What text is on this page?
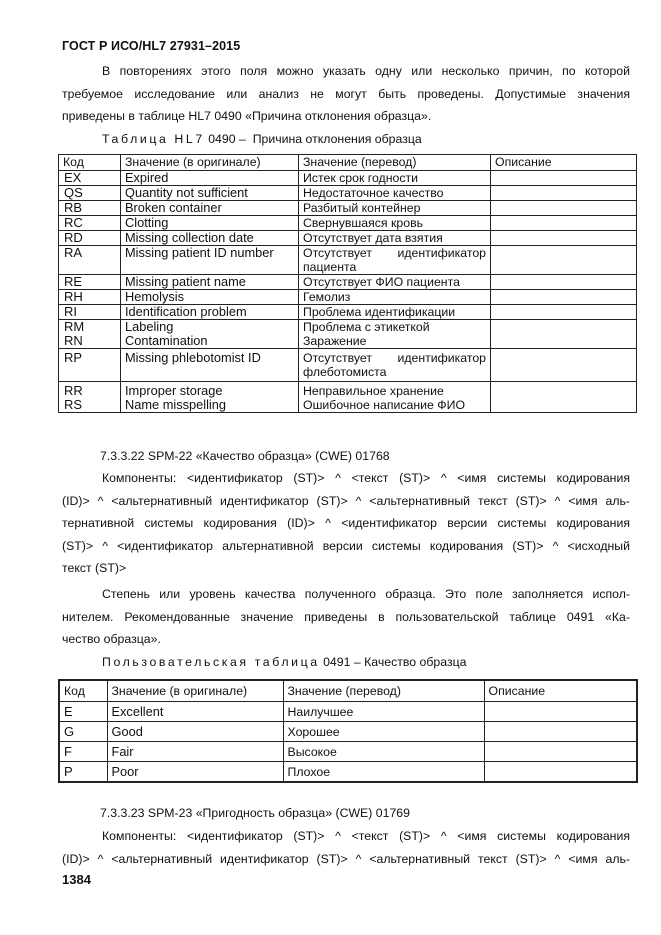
ГОСТ Р ИСО/HL7 27931–2015
В повторениях этого поля можно указать одну или несколько причин, по которой
требуемое исследование или анализ не могут быть проведены. Допустимые значения
приведены в таблице HL7 0490 «Причина отклонения образца».
Таблица HL7 0490 – Причина отклонения образца
Код	Значение (в оригинале)	Значение (перевод)	Описание
EX	Expired	Истек срок годности	
QS	Quantity not sufficient	Недостаточное качество	
RB	Broken container	Разбитый контейнер	
RC	Clotting	Свернувшаяся кровь	
RD	Missing collection date	Отсутствует дата взятия	
RA	Missing patient ID number	Отсутствует идентификатор пациента	
RE	Missing patient name	Отсутствует ФИО пациента	
RH	Hemolysis	Гемолиз	
RI	Identification problem	Проблема идентификации	
RM	Labeling	Проблема с этикеткой	
RN	Contamination	Заражение	
RP	Missing phlebotomist ID	Отсутствует идентификатор флеботомиста	
RR	Improper storage	Неправильное хранение	
RS	Name misspelling	Ошибочное написание ФИО	
7.3.3.22 SPM-22 «Качество образца» (CWE) 01768
Компоненты: <идентификатор (ST)> ^ <текст (ST)> ^ <имя системы кодирования
(ID)> ^ <альтернативный идентификатор (ST)> ^ <альтернативный текст (ST)> ^ <имя аль-
тернативной системы кодирования (ID)> ^ <идентификатор версии системы кодирования
(ST)> ^ <идентификатор альтернативной версии системы кодирования (ST)> ^ <исходный
текст (ST)>
Степень или уровень качества полученного образца. Это поле заполняется испол-
нителем. Рекомендованные значение приведены в пользовательской таблице 0491 «Ка-
чество образца».
Пользовательская таблица 0491 – Качество образца
Код	Значение (в оригинале)	Значение (перевод)	Описание
E	Excellent	Наилучшее	
G	Good	Хорошее	
F	Fair	Высокое	
P	Poor	Плохое	
7.3.3.23 SPM-23 «Пригодность образца» (CWE) 01769
Компоненты: <идентификатор (ST)> ^ <текст (ST)> ^ <имя системы кодирования
(ID)> ^ <альтернативный идентификатор (ST)> ^ <альтернативный текст (ST)> ^ <имя аль-
1384
